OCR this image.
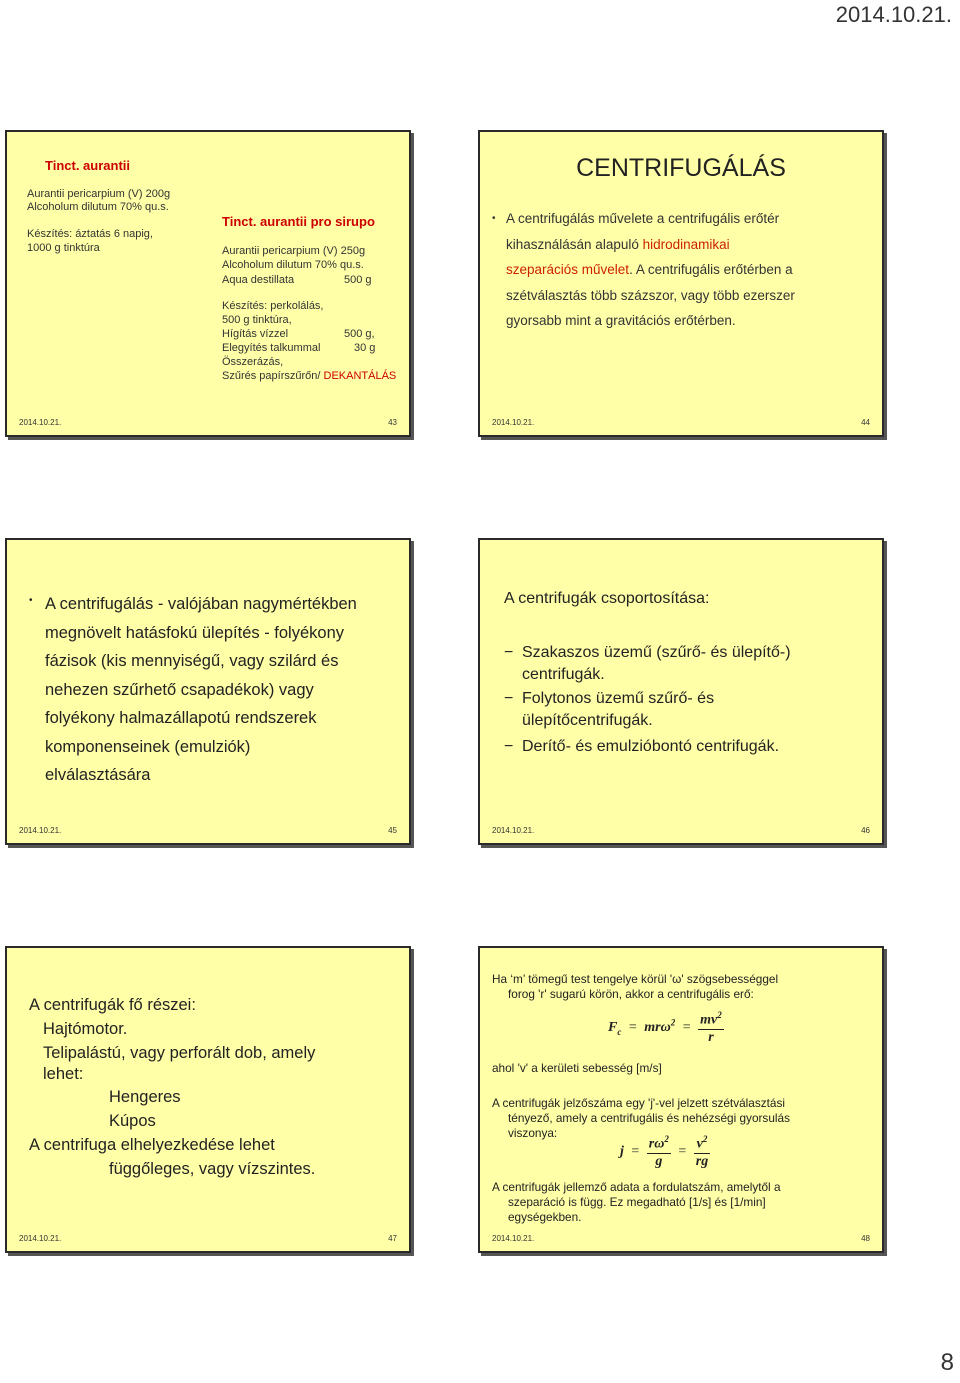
2014.10.21.
Tinct. aurantii
Aurantii pericarpium (V) 200g
Alcoholum dilutum 70% qu.s.
Készítés: áztatás 6 napig,
1000 g tinktúra
Tinct. aurantii pro sirupo
Aurantii pericarpium (V) 250g
Alcoholum dilutum 70% qu.s.
Aqua destillata	500 g
Készítés: perkolálás,
500 g tinktúra,
Hígítás vízzel	500 g,
Elegyítés talkummal	30 g
Összerázás,
Szűrés papírszűrőn/ DEKANTÁLÁS
2014.10.21.	43
CENTRIFUGÁLÁS
• A centrifugálás művelete a centrifugális erőtér
kihasználásán alapuló hidrodinamikai
szeparációs művelet. A centrifugális erőtérben a
szétválasztás több százszor, vagy több ezerszer
gyorsabb mint a gravitációs erőtérben.
2014.10.21.	44
• A centrifugálás - valójában nagymértékben
megnövelt hatásfokú ülepítés - folyékony
fázisok (kis mennyiségű, vagy szilárd és
nehezen szűrhető csapadékok) vagy
folyékony halmazállapotú rendszerek
komponenseinek (emulziók)
elválasztására
2014.10.21.	45
A centrifugák csoportosítása:
− Szakaszos üzemű (szűrő- és ülepítő-)
centrifugák.
− Folytonos üzemű szűrő- és
ülepítőcentrifugák.
− Derítő- és emulzióbontó centrifugák.
2014.10.21.	46
A centrifugák fő részei:
Hajtómotor.
Telipalástú, vagy perforált dob, amely
lehet:
Hengeres
Kúpos
A centrifuga elhelyezkedése lehet
függőleges, vagy vízszintes.
2014.10.21.	47
Ha ‘m’ tömegű test tengelye körül 'ω' szögsebességgel
forog 'r' sugarú körön, akkor a centrifugális erő:
$F_c = mr\omega^2 = \frac{mv^2}{r}$
ahol 'v' a kerületi sebesség [m/s]
A centrifugák jelzőszáma egy 'j'-vel jelzett szétválasztási
tényező, amely a centrifugális és nehézségi gyorsulás
viszonya:
$j = \frac{r\omega^2}{g} = \frac{v^2}{rg}$
A centrifugák jellemző adata a fordulatszám, amelytől a
szeparáció is függ. Ez megadható [1/s] és [1/min]
egységekben.
2014.10.21.	48
8
